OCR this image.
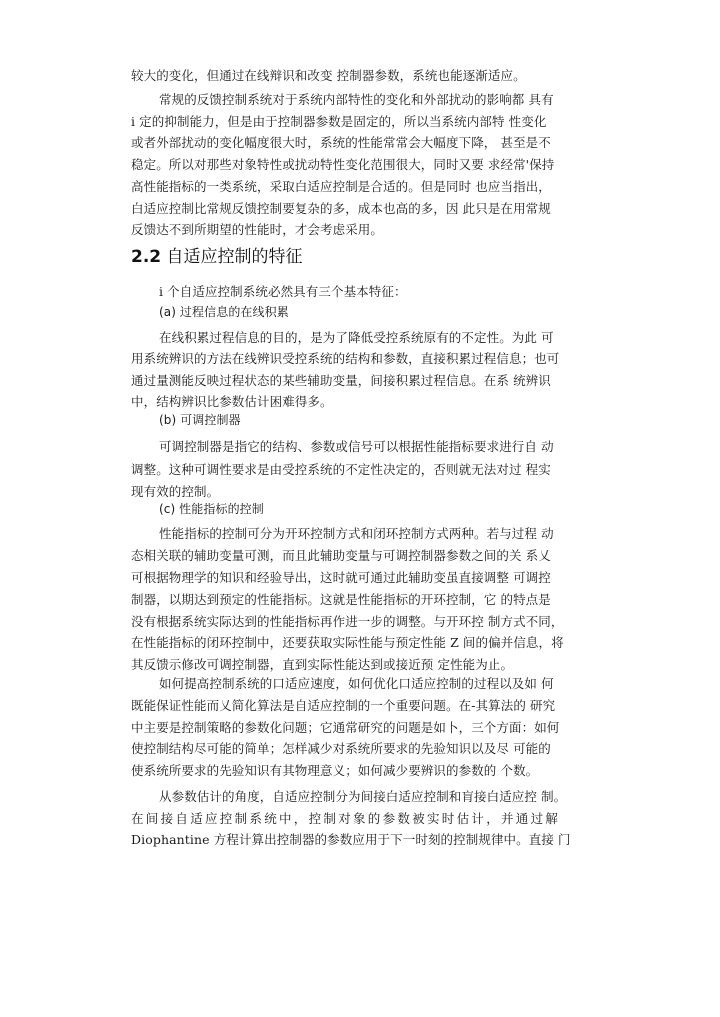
较大的变化，但通过在线辩识和改变 控制器参数，系统也能逐渐适应。
常规的反馈控制系统对于系统内部特性的变化和外部扰动的影响都 具有
i 定的抑制能力，但是由于控制器参数是固定的，所以当系统内部特 性变化
或者外部扰动的变化幅度很大时，系统的性能常常会大幅度下降， 甚至是不
稳定。所以对那些对象特性或扰动特性变化范围很大，同时又要 求经常'保持
高性能指标的一类系统，采取白适应控制是合适的。但是同时 也应当指出，
白适应控制比常规反馈控制要复杂的多，成本也高的多，因 此只是在用常规
反馈达不到所期望的性能时，才会考虑采用。
2.2 自适应控制的特征
i 个自适应控制系统必然具有三个基本特征：
(a) 过程信息的在线积累
在线积累过程信息的目的，是为了降低受控系统原有的不定性。为此 可
用系统辨识的方法在线辨识受控系统的结构和参数，直接积累过程信息；也可
通过量测能反映过程状态的某些辅助变量，间接积累过程信息。在系 统辨识
中，结构辨识比参数估计困难得多。
(b) 可调控制器
可调控制器是指它的结构、参数或信号可以根据性能指标要求进行自 动
调整。这种可调性要求是由受控系统的不定性决定的，否则就无法对过 程实
现有效的控制。
(c) 性能指标的控制
性能指标的控制可分为开环控制方式和闭环控制方式两种。若与过程 动
态相关联的辅助变量可测，而且此辅助变量与可调控制器参数之间的关 系乂
可根据物理学的知识和经验导出，这时就可通过此辅助变虽直接调整 可调控
制器，以期达到预定的性能指标。这就是性能指标的开环控制，它 的特点是
没有根据系统实际达到的性能指标再作进一步的调整。与开环控 制方式不同，
在性能指标的闭环控制中，还要获取实际性能与预定性能 Z 间的偏并信息，将
其反馈示修改可调控制器，直到实际性能达到或接近预 定性能为止。
如何提高控制系统的口适应速度，如何优化口适应控制的过程以及如 何
既能保证性能而乂简化算法是自适应控制的一个重要问题。在-其算法的 研究
中主要是控制策略的参数化问题；它通常研究的问题是如卜，三个方面：如何
使控制结构尽可能的简单；怎样减少对系统所要求的先验知识以及尽 可能的
使系统所要求的先验知识有其物理意义；如何减少要辨识的参数的 个数。
从参数估计的角度，自适应控制分为间接白适应控制和肓接白适应控 制。
在间接自适应控制系统中，控制对象的参数被实时估计，并通过解
Diophantine 方程计算出控制器的参数应用于下一时刻的控制规律中。直接 门
